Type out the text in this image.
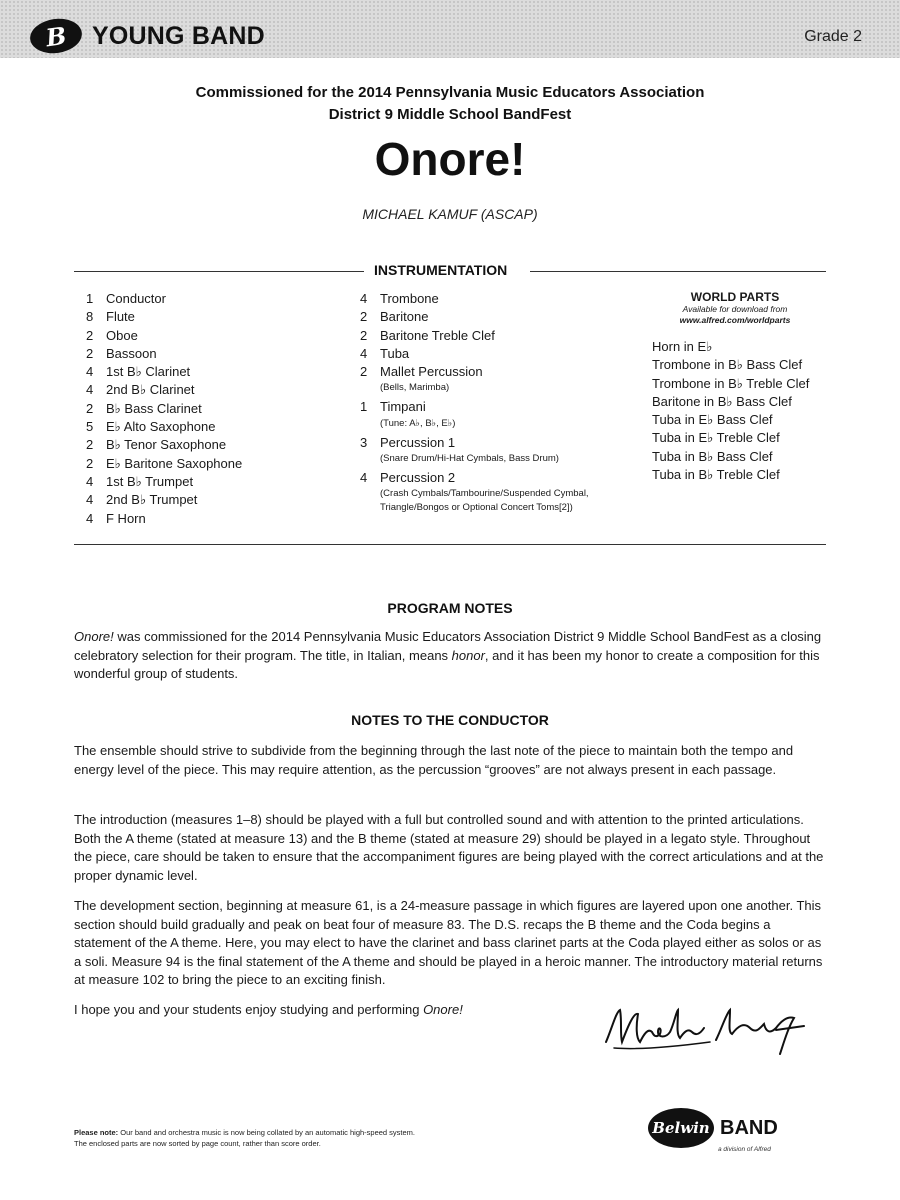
B YOUNG BAND	Grade 2
Commissioned for the 2014 Pennsylvania Music Educators Association
District 9 Middle School BandFest
Onore!
MICHAEL KAMUF (ASCAP)
INSTRUMENTATION
1 Conductor
8 Flute
2 Oboe
2 Bassoon
4 1st B♭ Clarinet
4 2nd B♭ Clarinet
2 B♭ Bass Clarinet
5 E♭ Alto Saxophone
2 B♭ Tenor Saxophone
2 E♭ Baritone Saxophone
4 1st B♭ Trumpet
4 2nd B♭ Trumpet
4 F Horn
4 Trombone
2 Baritone
2 Baritone Treble Clef
4 Tuba
2 Mallet Percussion
(Bells, Marimba)
1 Timpani
(Tune: A♭, B♭, E♭)
3 Percussion 1
(Snare Drum/Hi-Hat Cymbals, Bass Drum)
4 Percussion 2
(Crash Cymbals/Tambourine/Suspended Cymbal, Triangle/Bongos or Optional Concert Toms[2])
WORLD PARTS
Available for download from
www.alfred.com/worldparts
Horn in E♭
Trombone in B♭ Bass Clef
Trombone in B♭ Treble Clef
Baritone in B♭ Bass Clef
Tuba in E♭ Bass Clef
Tuba in E♭ Treble Clef
Tuba in B♭ Bass Clef
Tuba in B♭ Treble Clef
PROGRAM NOTES
Onore! was commissioned for the 2014 Pennsylvania Music Educators Association District 9 Middle School BandFest as a closing celebratory selection for their program. The title, in Italian, means honor, and it has been my honor to create a composition for this wonderful group of students.
NOTES TO THE CONDUCTOR
The ensemble should strive to subdivide from the beginning through the last note of the piece to maintain both the tempo and energy level of the piece. This may require attention, as the percussion “grooves” are not always present in each passage.
The introduction (measures 1–8) should be played with a full but controlled sound and with attention to the printed articulations. Both the A theme (stated at measure 13) and the B theme (stated at measure 29) should be played in a legato style. Throughout the piece, care should be taken to ensure that the accompaniment figures are being played with the correct articulations and at the proper dynamic level.
The development section, beginning at measure 61, is a 24-measure passage in which figures are layered upon one another. This section should build gradually and peak on beat four of measure 83. The D.S. recaps the B theme and the Coda begins a statement of the A theme. Here, you may elect to have the clarinet and bass clarinet parts at the Coda played either as solos or as a soli. Measure 94 is the final statement of the A theme and should be played in a heroic manner. The introductory material returns at measure 102 to bring the piece to an exciting finish.
I hope you and your students enjoy studying and performing Onore!
Please note: Our band and orchestra music is now being collated by an automatic high-speed system.
The enclosed parts are now sorted by page count, rather than score order.
Belwin BAND
a division of Alfred
